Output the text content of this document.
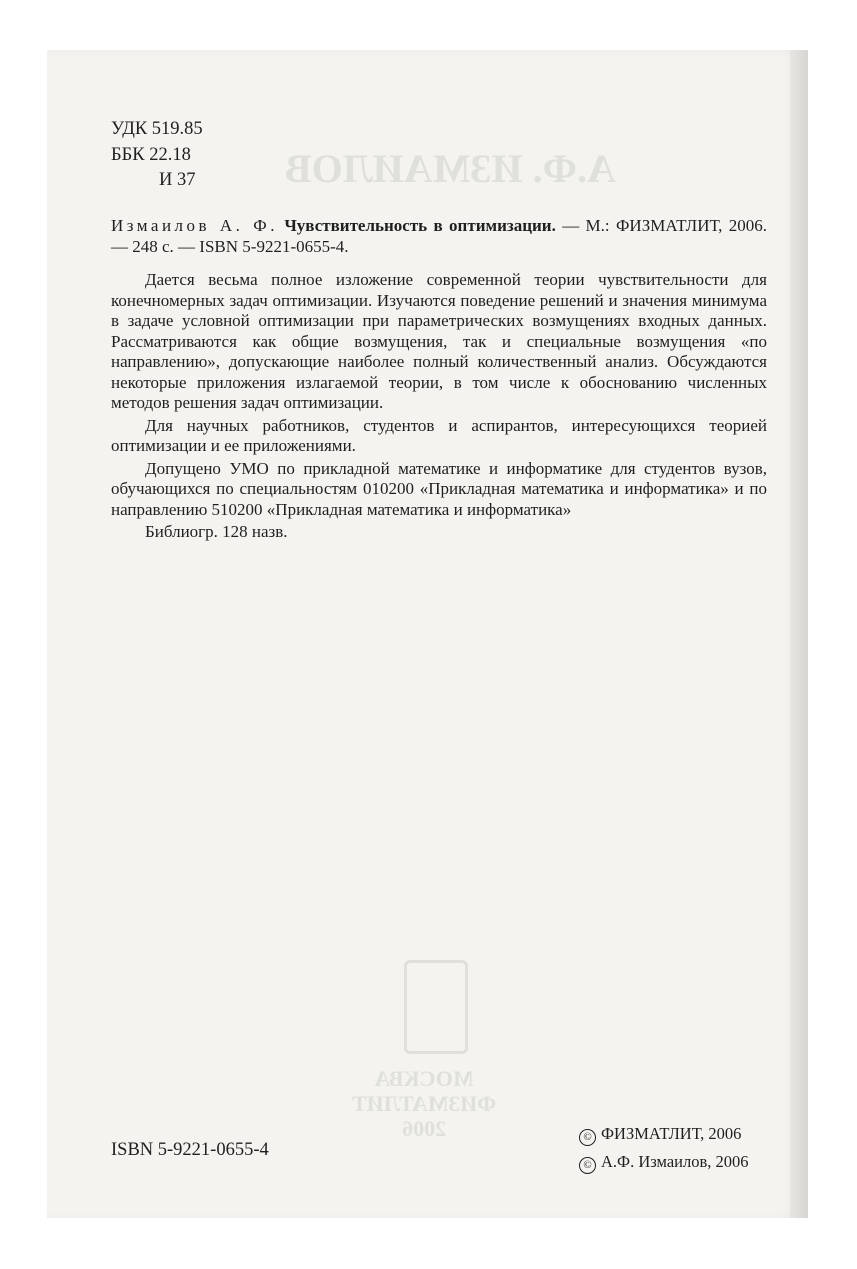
А.Ф. ИЗМАИЛОВ
МОСКВА
ФИЗМАТЛИТ
2006
УДК 519.85
ББК 22.18
И 37
Измаилов А. Ф. Чувствительность в оптимизации. — М.: ФИЗМАТЛИТ, 2006. — 248 с. — ISBN 5-9221-0655-4.

Дается весьма полное изложение современной теории чувствительности для конечномерных задач оптимизации. Изучаются поведение решений и значения минимума в задаче условной оптимизации при параметрических возмущениях входных данных. Рассматриваются как общие возмущения, так и специальные возмущения «по направлению», допускающие наиболее полный количественный анализ. Обсуждаются некоторые приложения излагаемой теории, в том числе к обоснованию численных методов решения задач оптимизации.

Для научных работников, студентов и аспирантов, интересующихся теорией оптимизации и ее приложениями.

Допущено УМО по прикладной математике и информатике для студентов вузов, обучающихся по специальностям 010200 «Прикладная математика и информатика» и по направлению 510200 «Прикладная математика и информатика»

Библиогр. 128 назв.

ISBN 5-9221-0655-4
© ФИЗМАТЛИТ, 2006
© А.Ф. Измаилов, 2006
